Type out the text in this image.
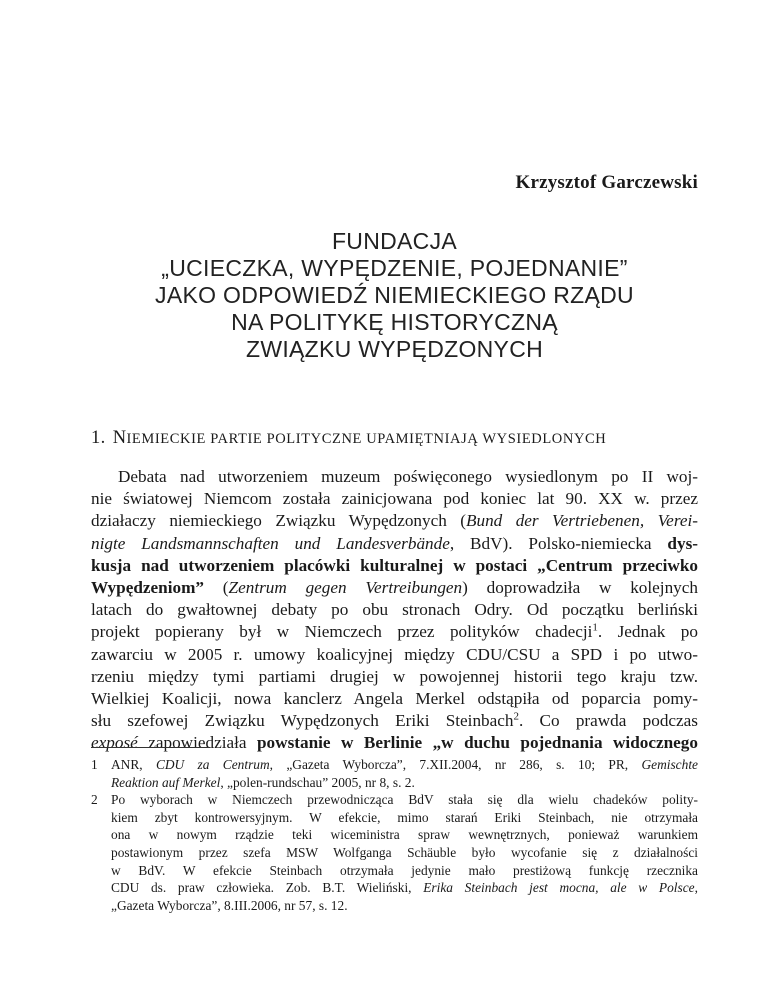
Krzysztof Garczewski
FUNDACJA
„UCIECZKA, WYPĘDZENIE, POJEDNANIE”
JAKO ODPOWIEDŹ NIEMIECKIEGO RZĄDU
NA POLITYKĘ HISTORYCZNĄ
ZWIĄZKU WYPĘDZONYCH
1. NIEMIECKIE PARTIE POLITYCZNE UPAMIĘTNIAJĄ WYSIEDLONYCH
Debata nad utworzeniem muzeum poświęconego wysiedlonym po II woj-
nie światowej Niemcom została zainicjowana pod koniec lat 90. XX w. przez
działaczy niemieckiego Związku Wypędzonych (Bund der Vertriebenen, Verei-
nigte Landsmannschaften und Landesverbände, BdV). Polsko-niemiecka dys-
kusja nad utworzeniem placówki kulturalnej w postaci „Centrum przeciwko
Wypędzeniom” (Zentrum gegen Vertreibungen) doprowadziła w kolejnych
latach do gwałtownej debaty po obu stronach Odry. Od początku berliński
projekt popierany był w Niemczech przez polityków chadecji$^1$. Jednak po
zawarciu w 2005 r. umowy koalicyjnej między CDU/CSU a SPD i po utwo-
rzeniu między tymi partiami drugiej w powojennej historii tego kraju tzw.
Wielkiej Koalicji, nowa kanclerz Angela Merkel odstąpiła od poparcia pomy-
słu szefowej Związku Wypędzonych Eriki Steinbach$^2$. Co prawda podczas
exposé zapowiedziała powstanie w Berlinie „w duchu pojednania widocznego
1 ANR, CDU za Centrum, „Gazeta Wyborcza”, 7.XII.2004, nr 286, s. 10; PR, Gemischte
Reaktion auf Merkel, „polen-rundschau” 2005, nr 8, s. 2.
2 Po wyborach w Niemczech przewodnicząca BdV stała się dla wielu chadeków polity-
kiem zbyt kontrowersyjnym. W efekcie, mimo starań Eriki Steinbach, nie otrzymała
ona w nowym rządzie teki wiceministra spraw wewnętrznych, ponieważ warunkiem
postawionym przez szefa MSW Wolfganga Schäuble było wycofanie się z działalności
w BdV. W efekcie Steinbach otrzymała jedynie mało prestiżową funkcję rzecznika
CDU ds. praw człowieka. Zob. B.T. Wieliński, Erika Steinbach jest mocna, ale w Polsce,
„Gazeta Wyborcza”, 8.III.2006, nr 57, s. 12.
